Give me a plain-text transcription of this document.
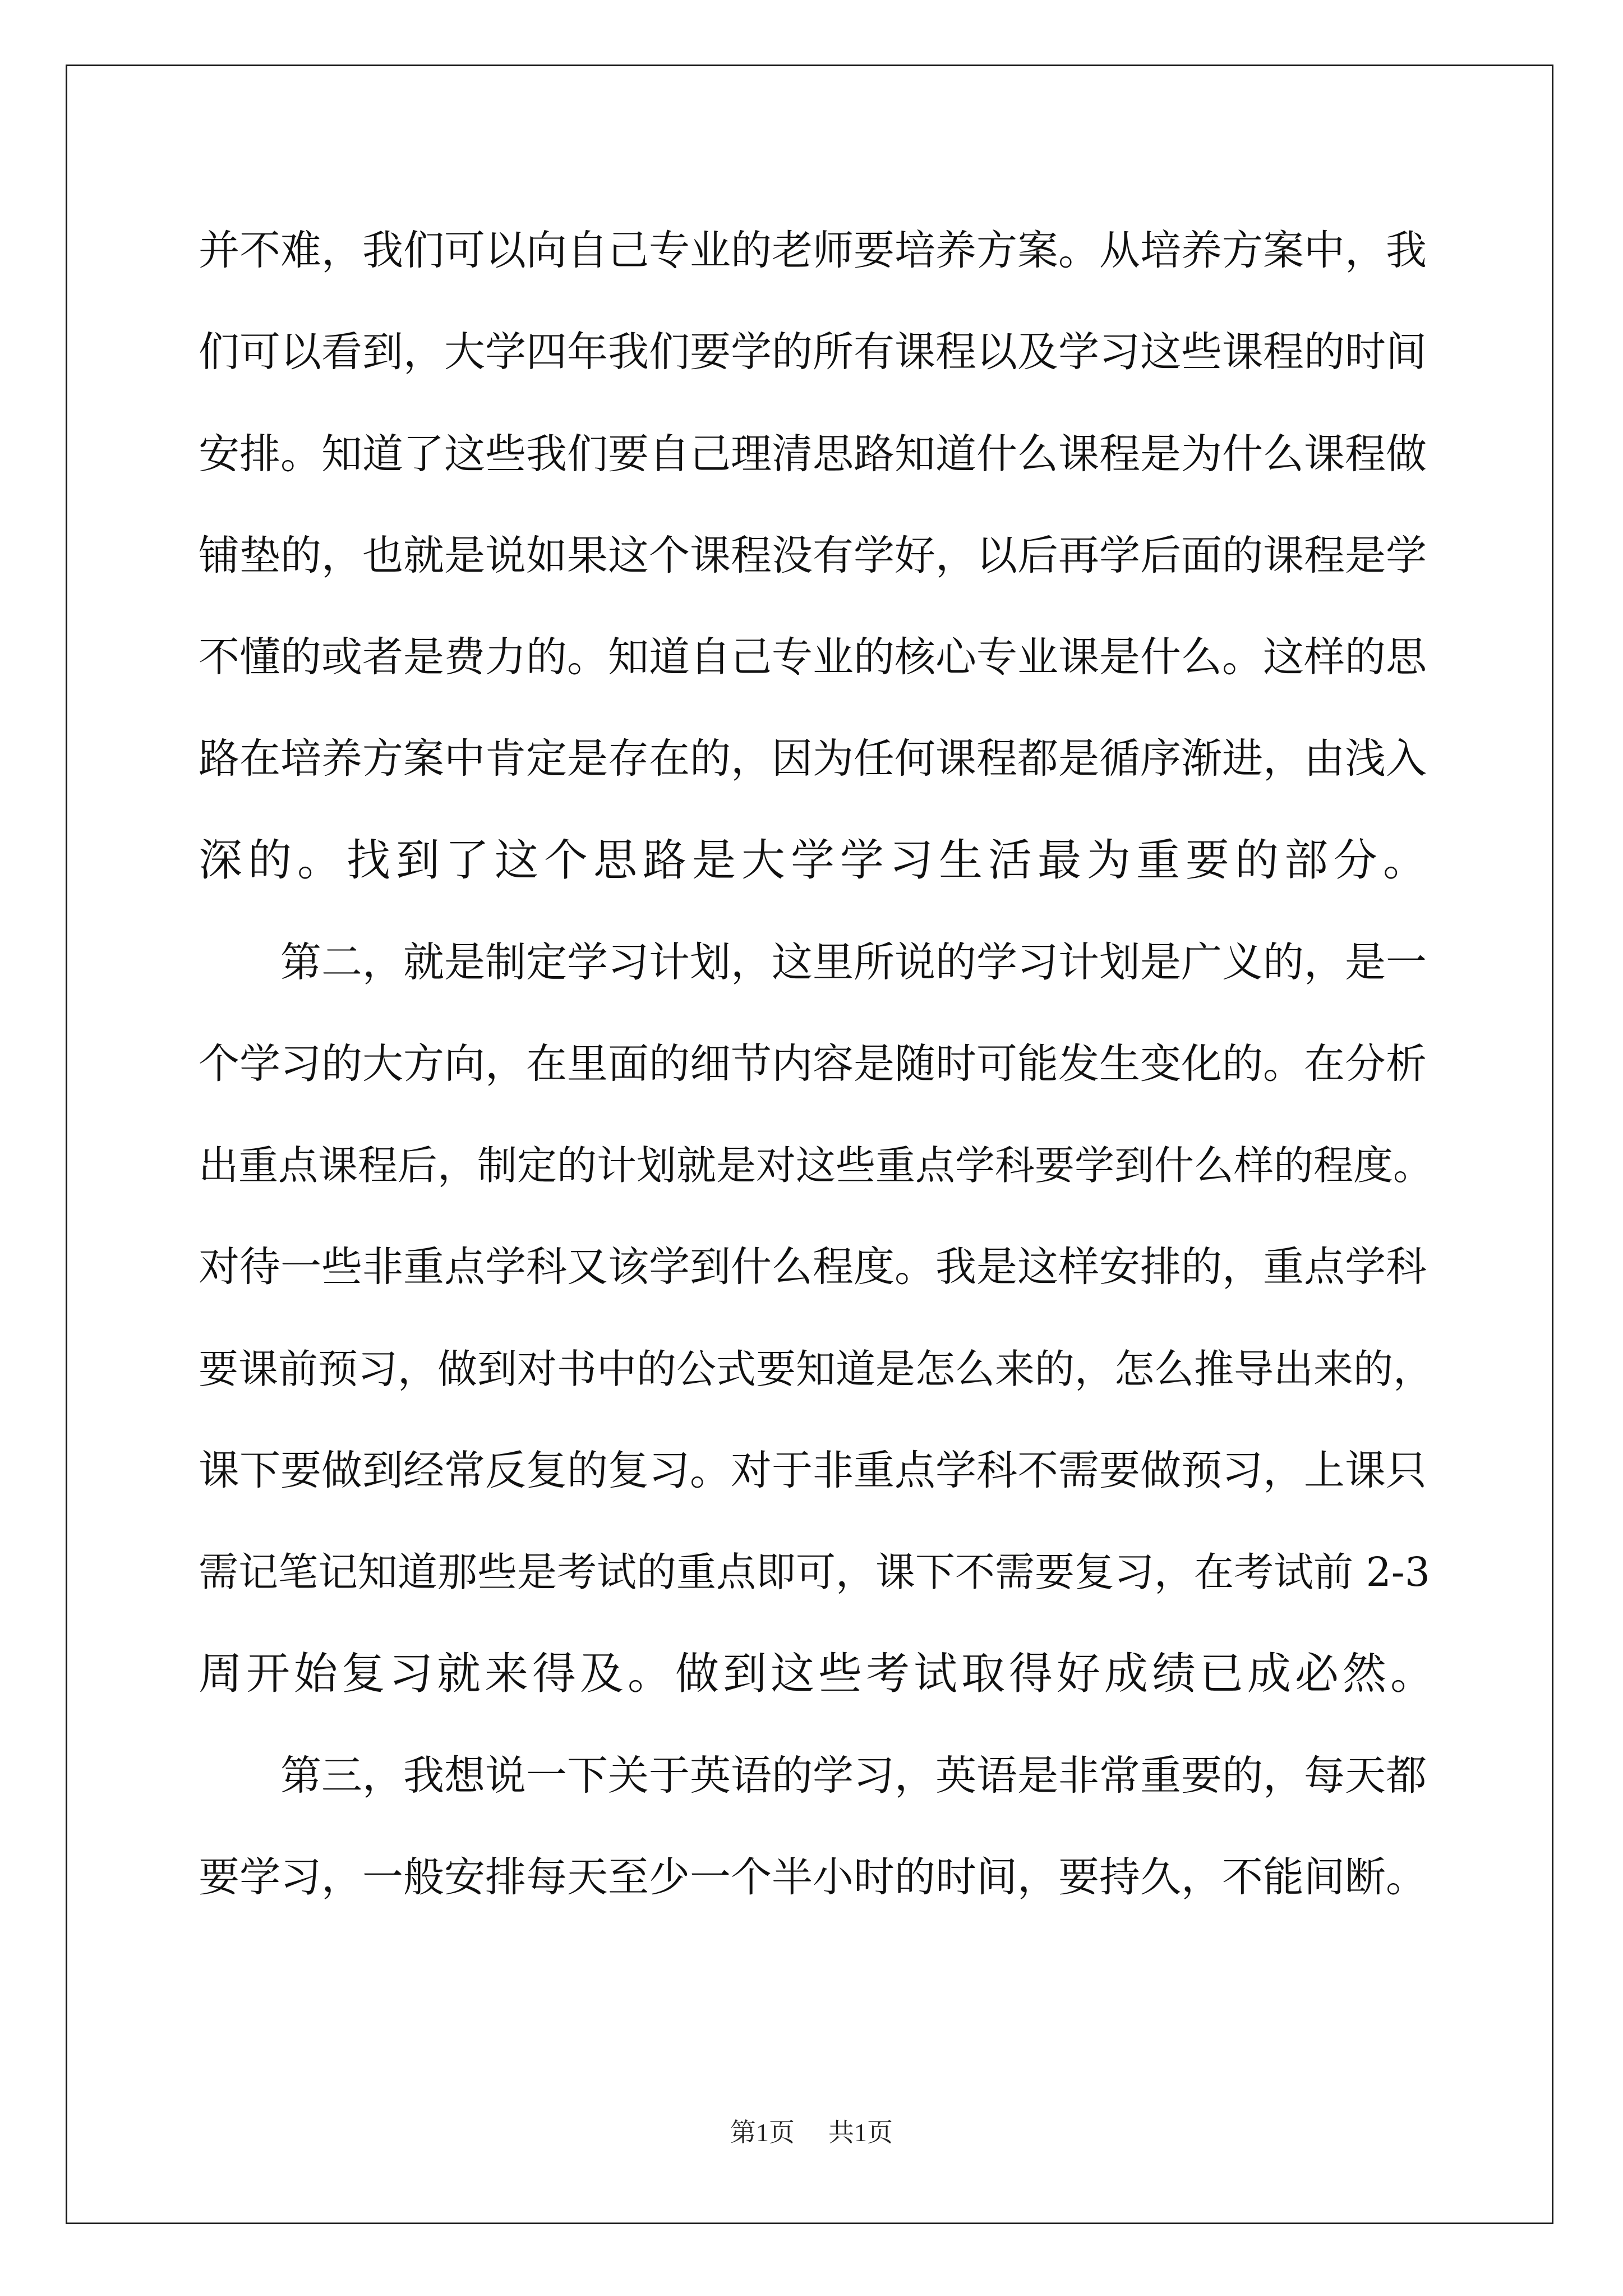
并不难，我们可以向自己专业的老师要培养方案。从培养方案中，我
们可以看到，大学四年我们要学的所有课程以及学习这些课程的时间
安排。知道了这些我们要自己理清思路知道什么课程是为什么课程做
铺垫的，也就是说如果这个课程没有学好，以后再学后面的课程是学
不懂的或者是费力的。知道自己专业的核心专业课是什么。这样的思
路在培养方案中肯定是存在的，因为任何课程都是循序渐进，由浅入
深的。找到了这个思路是大学学习生活最为重要的部分。
第二，就是制定学习计划，这里所说的学习计划是广义的，是一
个学习的大方向，在里面的细节内容是随时可能发生变化的。在分析
出重点课程后，制定的计划就是对这些重点学科要学到什么样的程度。
对待一些非重点学科又该学到什么程度。我是这样安排的，重点学科
要课前预习，做到对书中的公式要知道是怎么来的，怎么推导出来的，
课下要做到经常反复的复习。对于非重点学科不需要做预习，上课只
需记笔记知道那些是考试的重点即可，课下不需要复习，在考试前 2-3
周开始复习就来得及。做到这些考试取得好成绩已成必然。
第三，我想说一下关于英语的学习，英语是非常重要的，每天都
要学习，一般安排每天至少一个半小时的时间，要持久，不能间断。
第1页 共1页
